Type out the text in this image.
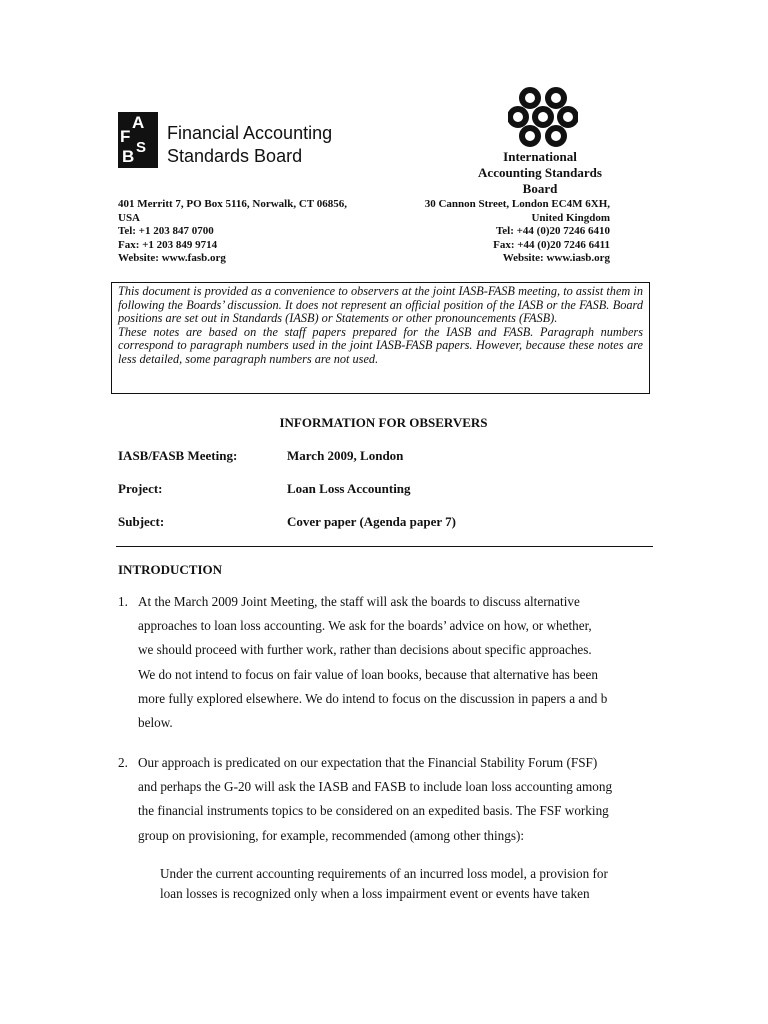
A
F
S
B
Financial Accounting
Standards Board	International
Accounting Standards
Board
401 Merritt 7, PO Box 5116, Norwalk, CT 06856,
USA
Tel: +1 203 847 0700
Fax: +1 203 849 9714
Website: www.fasb.org
30 Cannon Street, London EC4M 6XH,
United Kingdom
Tel: +44 (0)20 7246 6410
Fax: +44 (0)20 7246 6411
Website: www.iasb.org

This document is provided as a convenience to observers at the joint IASB-FASB meeting, to assist them in following the Boards’ discussion. It does not represent an official position of the IASB or the FASB. Board positions are set out in Standards (IASB) or Statements or other pronouncements (FASB).

These notes are based on the staff papers prepared for the IASB and FASB. Paragraph numbers correspond to paragraph numbers used in the joint IASB-FASB papers. However, because these notes are less detailed, some paragraph numbers are not used.

INFORMATION FOR OBSERVERS
IASB/FASB Meeting:	March 2009, London
Project:	Loan Loss Accounting
Subject:	Cover paper (Agenda paper 7)
INTRODUCTION
1. At the March 2009 Joint Meeting, the staff will ask the boards to discuss alternative
approaches to loan loss accounting. We ask for the boards’ advice on how, or whether,
we should proceed with further work, rather than decisions about specific approaches.
We do not intend to focus on fair value of loan books, because that alternative has been
more fully explored elsewhere. We do intend to focus on the discussion in papers a and b
below.
2. Our approach is predicated on our expectation that the Financial Stability Forum (FSF)
and perhaps the G-20 will ask the IASB and FASB to include loan loss accounting among
the financial instruments topics to be considered on an expedited basis. The FSF working
group on provisioning, for example, recommended (among other things):
Under the current accounting requirements of an incurred loss model, a provision for
loan losses is recognized only when a loss impairment event or events have taken
